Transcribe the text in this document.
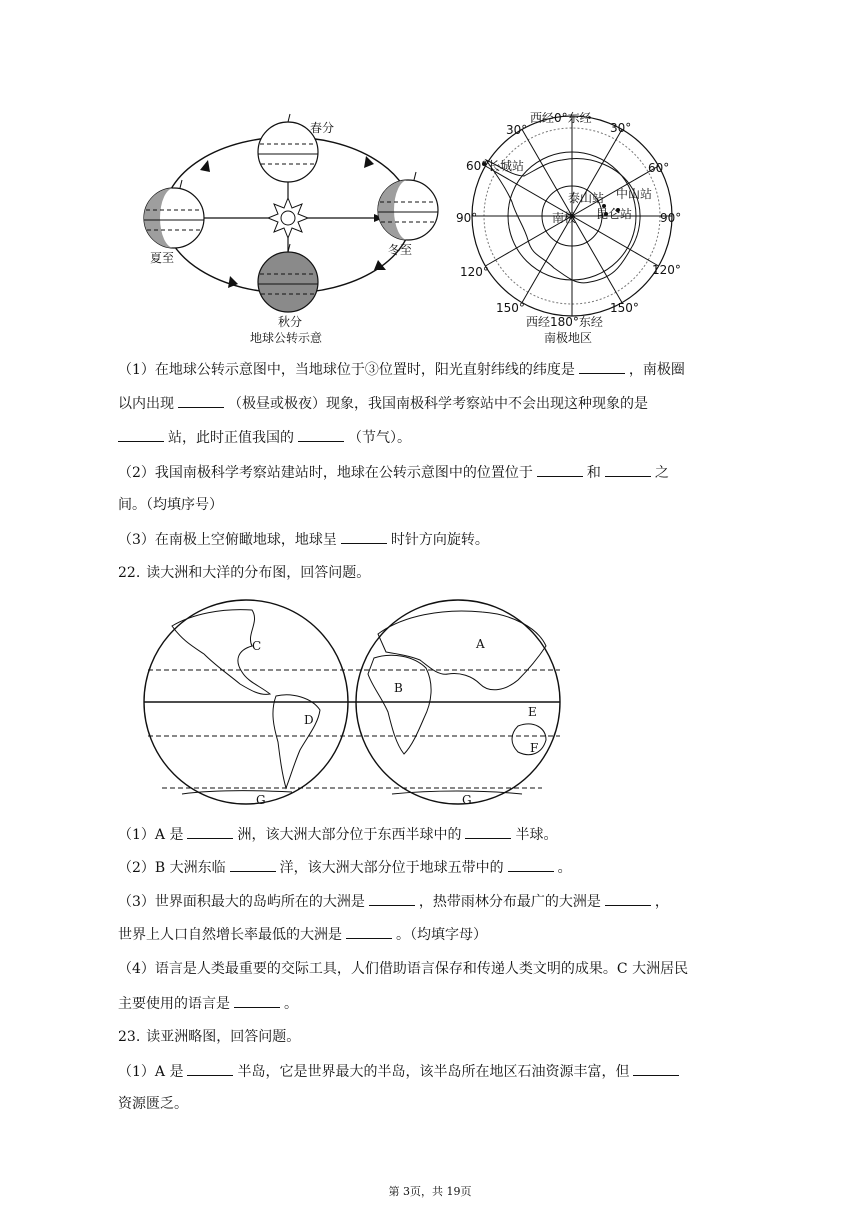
春分
夏至
冬至
秋分
地球公转示意
西经0°东经
西经180°东经
南极地区
长城站
泰山站 中山站
昆仑站
南极
30°	30°
60°	60°
90°	90°
120°	120°
150°	150°
（1）在地球公转示意图中，当地球位于③位置时，阳光直射纬线的纬度是	，南极圈
以内出现	（极昼或极夜）现象，我国南极科学考察站中不会出现这种现象的是
站，此时正值我国的	（节气）。
（2）我国南极科学考察站建站时，地球在公转示意图中的位置位于	和	之
间。（均填序号）
（3）在南极上空俯瞰地球，地球呈	时针方向旋转。
22. 读大洲和大洋的分布图，回答问题。
C
D
A
B
E
F
G	G
（1）A 是	洲，该大洲大部分位于东西半球中的	半球。
（2）B 大洲东临	洋，该大洲大部分位于地球五带中的	。
（3）世界面积最大的岛屿所在的大洲是	，热带雨林分布最广的大洲是	，
世界上人口自然增长率最低的大洲是	。（均填字母）
（4）语言是人类最重要的交际工具，人们借助语言保存和传递人类文明的成果。C 大洲居民
主要使用的语言是	。
23. 读亚洲略图，回答问题。
（1）A 是	半岛，它是世界最大的半岛，该半岛所在地区石油资源丰富，但
资源匮乏。
第 3页，共 19页
